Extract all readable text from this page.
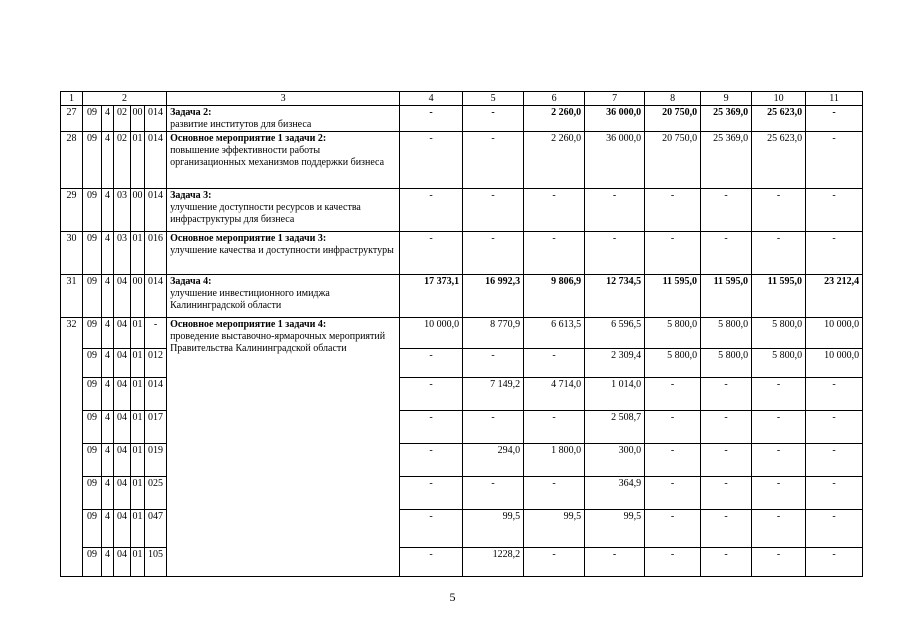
1	2					3	4	5	6	7	8	9	10	11
27	09	4	02	00	014	Задача 2:
развитие институтов для бизнеса	-	-	2 260,0	36 000,0	20 750,0	25 369,0	25 623,0	-
28	09	4	02	01	014	Основное мероприятие 1 задачи 2:
повышение эффективности работы организационных механизмов поддержки бизнеса	-	-	2 260,0	36 000,0	20 750,0	25 369,0	25 623,0	-
29	09	4	03	00	014	Задача 3:
улучшение доступности ресурсов и качества инфраструктуры для бизнеса	-	-	-	-	-	-	-	-
30	09	4	03	01	016	Основное мероприятие 1 задачи 3:
улучшение качества и доступности инфраструктуры	-	-	-	-	-	-	-	-
31	09	4	04	00	014	Задача 4:
улучшение инвестиционного имиджа Калининградской области	17 373,1	16 992,3	9 806,9	12 734,5	11 595,0	11 595,0	11 595,0	23 212,4
32	09	4	04	01	-	Основное мероприятие 1 задачи 4:
проведение выставочно-ярмарочных мероприятий Правительства Калининградской области	10 000,0	8 770,9	6 613,5	6 596,5	5 800,0	5 800,0	5 800,0	10 000,0
	09	4	04	01	012		-	-	-	2 309,4	5 800,0	5 800,0	5 800,0	10 000,0
	09	4	04	01	014		-	7 149,2	4 714,0	1 014,0	-	-	-	-
	09	4	04	01	017		-	-	-	2 508,7	-	-	-	-
	09	4	04	01	019		-	294,0	1 800,0	300,0	-	-	-	-
	09	4	04	01	025		-	-	-	364,9	-	-	-	-
	09	4	04	01	047		-	99,5	99,5	99,5	-	-	-	-
	09	4	04	01	105		-	1228,2	-	-	-	-	-	-
5
